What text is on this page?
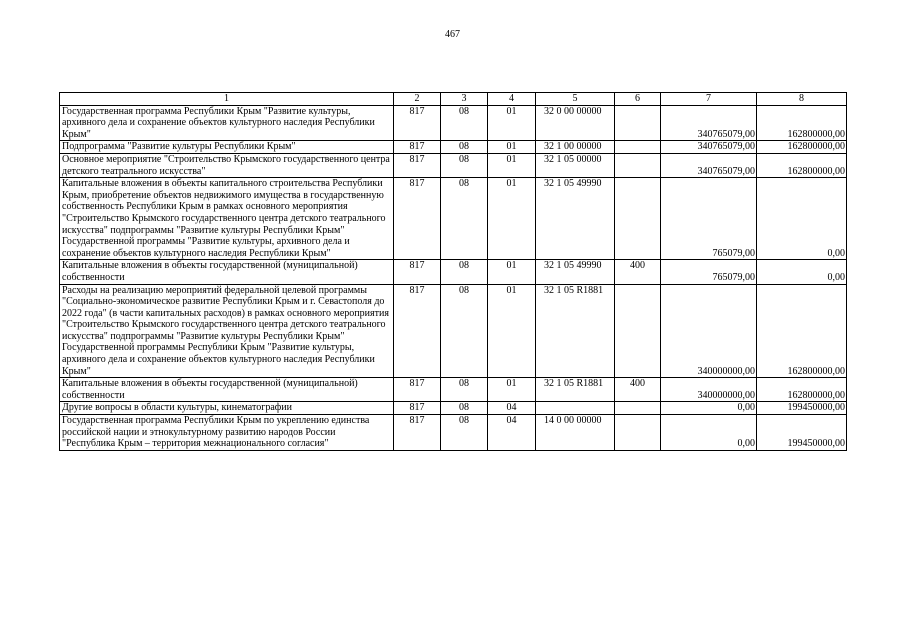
467
1	2	3	4	5	6	7	8
Государственная программа Республики Крым "Развитие культуры, архивного дела и сохранение объектов культурного наследия Республики Крым"	817	08	01	32 0 00 00000		340765079,00	162800000,00
Подпрограмма "Развитие культуры Республики Крым"	817	08	01	32 1 00 00000		340765079,00	162800000,00
Основное мероприятие "Строительство Крымского государственного центра детского театрального искусства"	817	08	01	32 1 05 00000		340765079,00	162800000,00
Капитальные вложения в объекты капитального строительства Республики Крым, приобретение объектов недвижимого имущества в государственную собственность Республики Крым в рамках основного мероприятия "Строительство Крымского государственного центра детского театрального искусства" подпрограммы "Развитие культуры Республики Крым" Государственной программы "Развитие культуры, архивного дела и сохранение объектов культурного наследия Республики Крым"	817	08	01	32 1 05 49990		765079,00	0,00
Капитальные вложения в объекты государственной (муниципальной) собственности	817	08	01	32 1 05 49990	400	765079,00	0,00
Расходы на реализацию мероприятий федеральной целевой программы "Социально-экономическое развитие Республики Крым и г. Севастополя до 2022 года" (в части капитальных расходов) в рамках основного мероприятия "Строительство Крымского государственного центра детского театрального искусства" подпрограммы "Развитие культуры Республики Крым" Государственной программы Республики Крым "Развитие культуры, архивного дела и сохранение объектов культурного наследия Республики Крым"	817	08	01	32 1 05 R1881		340000000,00	162800000,00
Капитальные вложения в объекты государственной (муниципальной) собственности	817	08	01	32 1 05 R1881	400	340000000,00	162800000,00
Другие вопросы в области культуры, кинематографии	817	08	04			0,00	199450000,00
Государственная программа Республики Крым по укреплению единства российской нации и этнокультурному развитию народов России "Республика Крым – территория межнационального согласия"	817	08	04	14 0 00 00000		0,00	199450000,00
